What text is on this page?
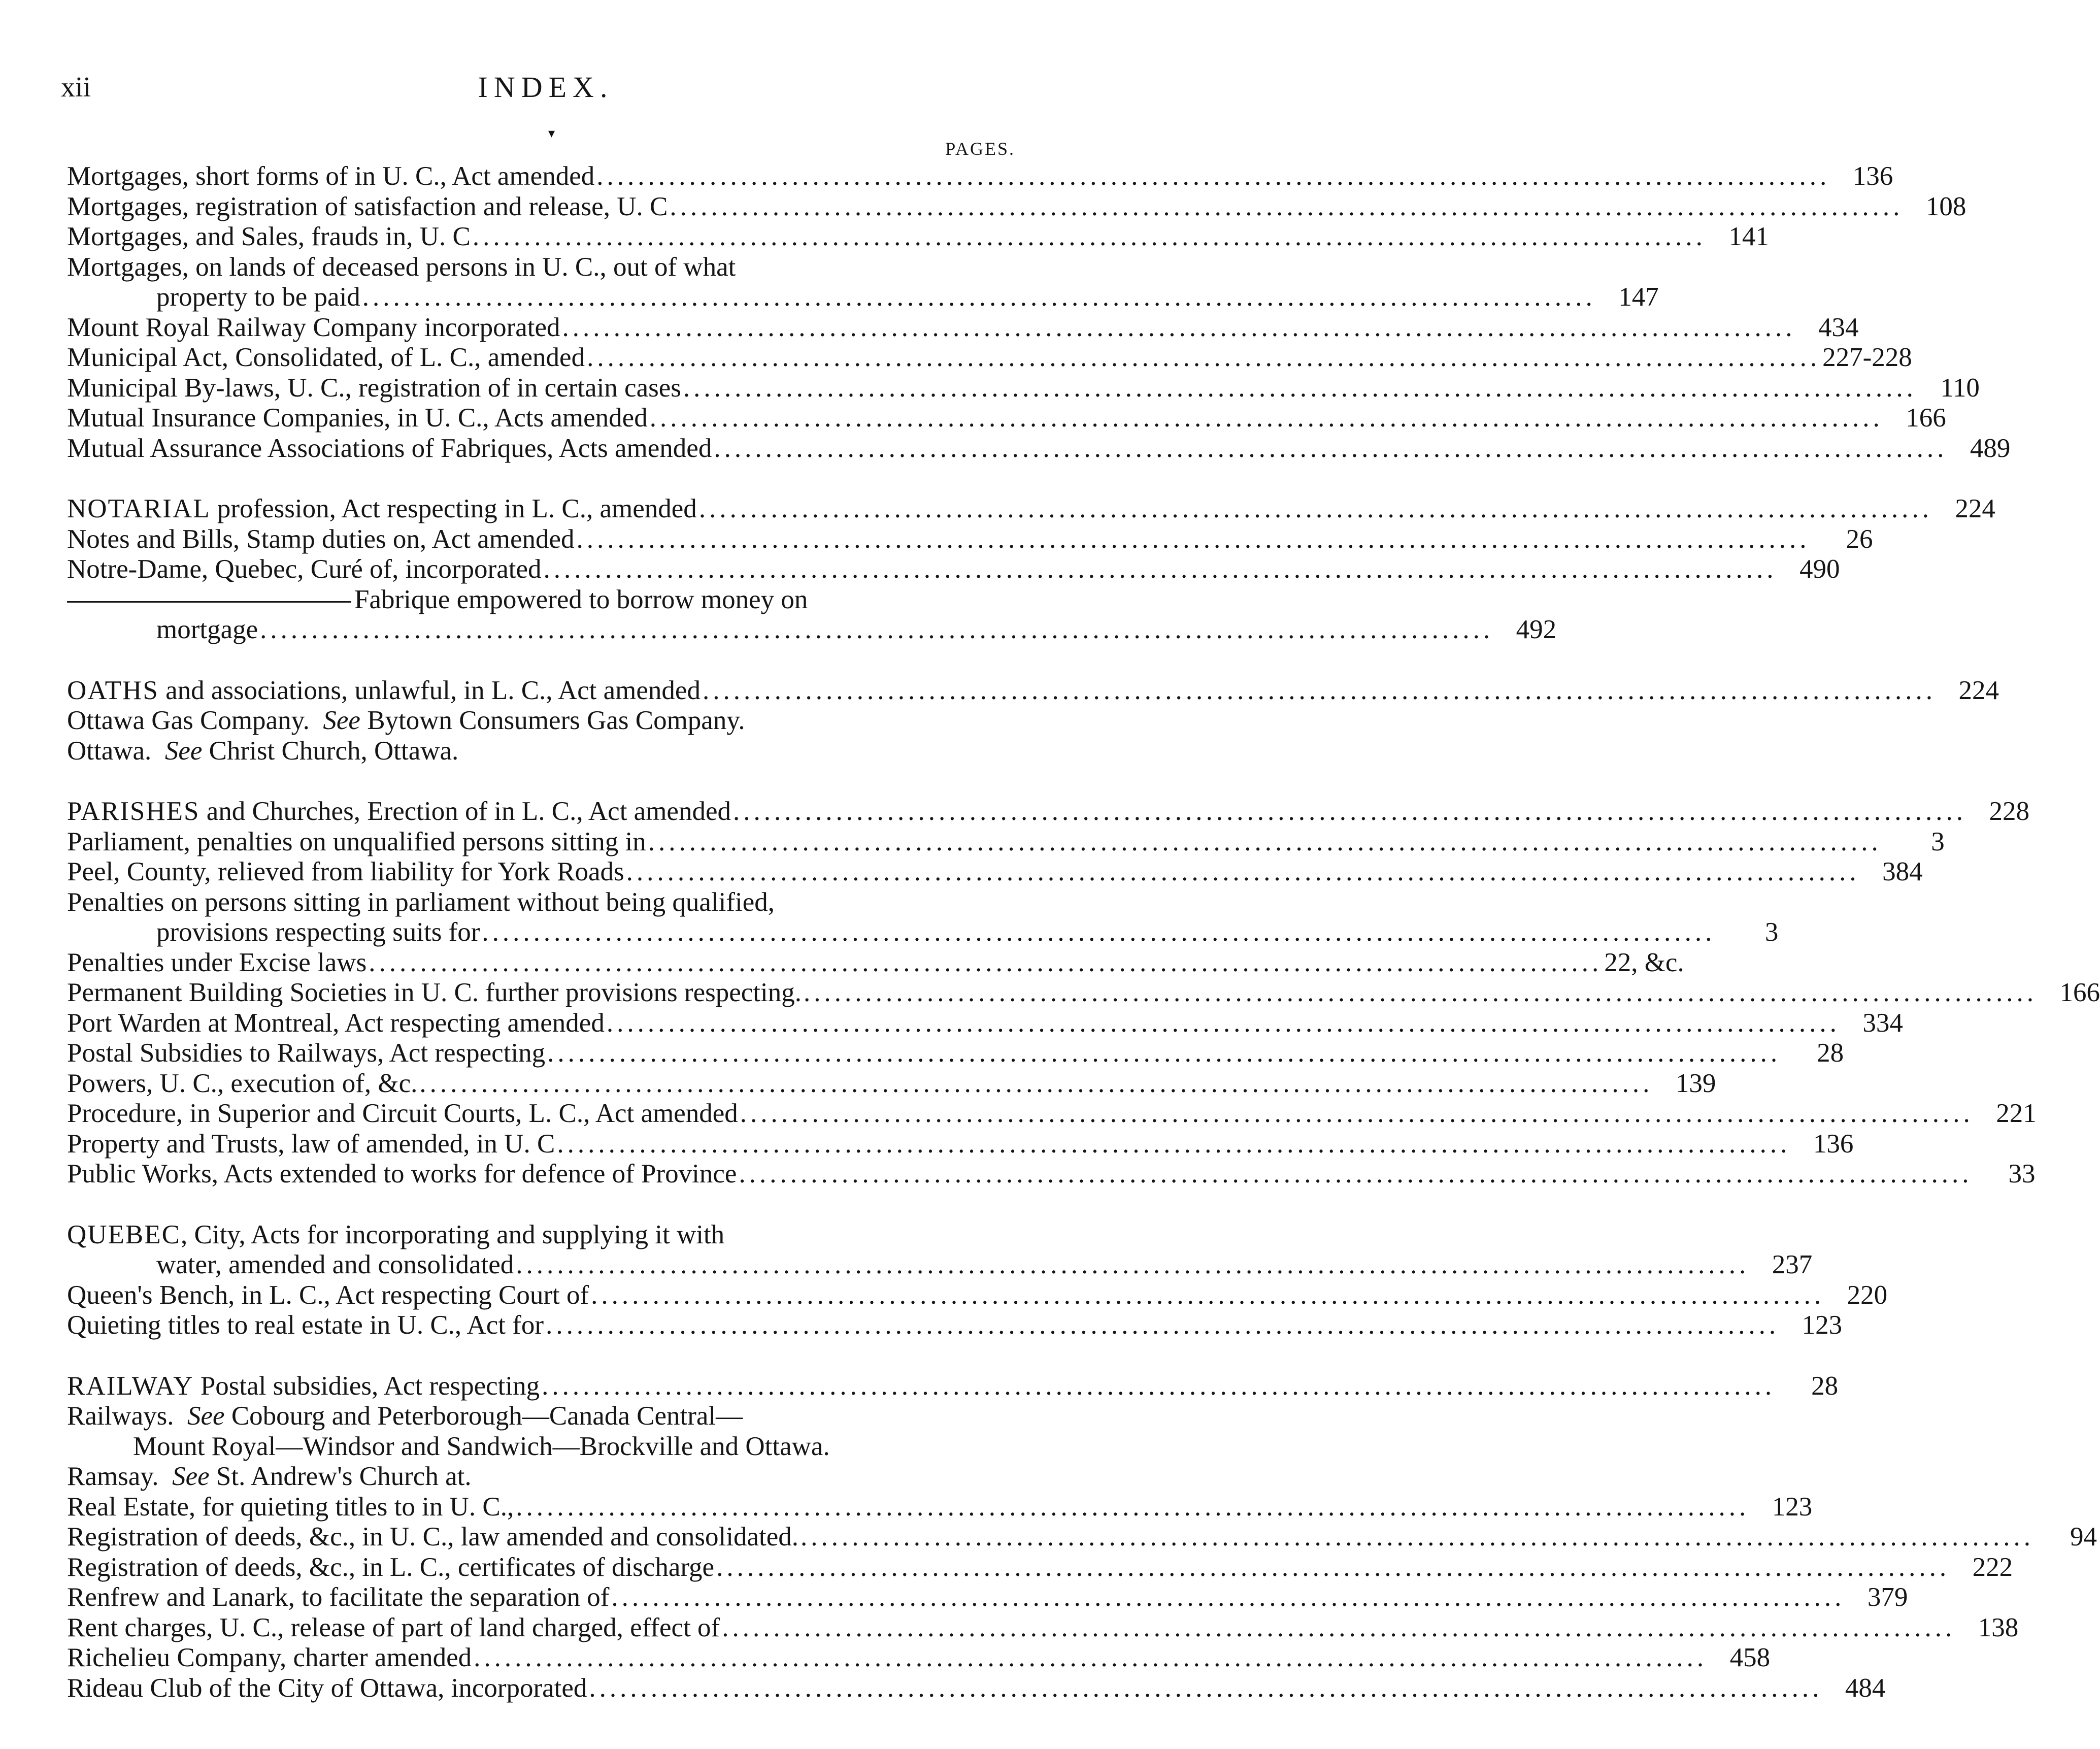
xii	INDEX.
▾
PAGES.
Mortgages, short forms of in U. C., Act amended .....	136
Mortgages, registration of satisfaction and release, U. C .....	108
Mortgages, and Sales, frauds in, U. C .....	141
Mortgages, on lands of deceased persons in U. C., out of what
property to be paid .....	147
Mount Royal Railway Company incorporated .....	434
Municipal Act, Consolidated, of L. C., amended .....	227-228
Municipal By-laws, U. C., registration of in certain cases .....	110
Mutual Insurance Companies, in U. C., Acts amended .....	166
Mutual Assurance Associations of Fabriques, Acts amended .....	489
NOTARIAL profession, Act respecting in L. C., amended .....	224
Notes and Bills, Stamp duties on, Act amended .....	26
Notre-Dame, Quebec, Curé of, incorporated .....	490
Fabrique empowered to borrow money on
mortgage .....	492
OATHS and associations, unlawful, in L. C., Act amended .....	224
Ottawa Gas Company. See Bytown Consumers Gas Company.
Ottawa. See Christ Church, Ottawa.
PARISHES and Churches, Erection of in L. C., Act amended .....	228
Parliament, penalties on unqualified persons sitting in .....	3
Peel, County, relieved from liability for York Roads .....	384
Penalties on persons sitting in parliament without being qualified,
provisions respecting suits for .....	3
Penalties under Excise laws .....	22, &c.
Permanent Building Societies in U. C. further provisions respecting. .....	166
Port Warden at Montreal, Act respecting amended .....	334
Postal Subsidies to Railways, Act respecting .....	28
Powers, U. C., execution of, &c. .....	139
Procedure, in Superior and Circuit Courts, L. C., Act amended .....	221
Property and Trusts, law of amended, in U. C .....	136
Public Works, Acts extended to works for defence of Province .....	33
QUEBEC, City, Acts for incorporating and supplying it with
water, amended and consolidated .....	237
Queen's Bench, in L. C., Act respecting Court of .....	220
Quieting titles to real estate in U. C., Act for .....	123
RAILWAY Postal subsidies, Act respecting .....	28
Railways. See Cobourg and Peterborough—Canada Central—
Mount Royal—Windsor and Sandwich—Brockville and Ottawa.
Ramsay. See St. Andrew's Church at.
Real Estate, for quieting titles to in U. C., .....	123
Registration of deeds, &c., in U. C., law amended and consolidated. .....	94
Registration of deeds, &c., in L. C., certificates of discharge .....	222
Renfrew and Lanark, to facilitate the separation of .....	379
Rent charges, U. C., release of part of land charged, effect of .....	138
Richelieu Company, charter amended .....	458
Rideau Club of the City of Ottawa, incorporated .....	484
